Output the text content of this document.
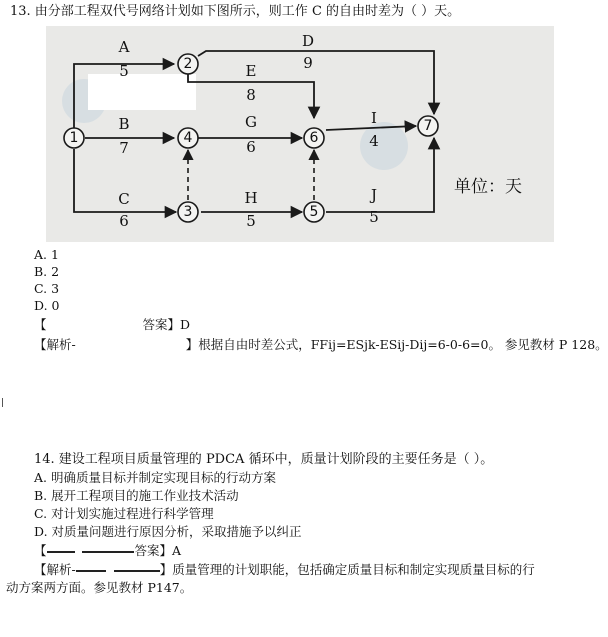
13. 由分部工程双代号网络计划如下图所示，则工作 C 的自由时差为（ ）天。
A
5
B
7
C
6
D
9
E
8
G
6
H
5
I
4
J
5
1
2
3
4
5
6
7
单位：天
A. 1
B. 2
C. 3
D. 0
【	答案】D
【解析-	】根据自由时差公式，FFij=ESjk-ESij-Dij=6-0-6=0。 参见教材 P 128。
14. 建设工程项目质量管理的 PDCA 循环中，质量计划阶段的主要任务是（ ）。
A. 明确质量目标并制定实现目标的行动方案
B. 展开工程项目的施工作业技术活动
C. 对计划实施过程进行科学管理
D. 对质量问题进行原因分析，采取措施予以纠正
【	答案】A
【解析-	】质量管理的计划职能，包括确定质量目标和制定实现质量目标的行
动方案两方面。参见教材 P147。
